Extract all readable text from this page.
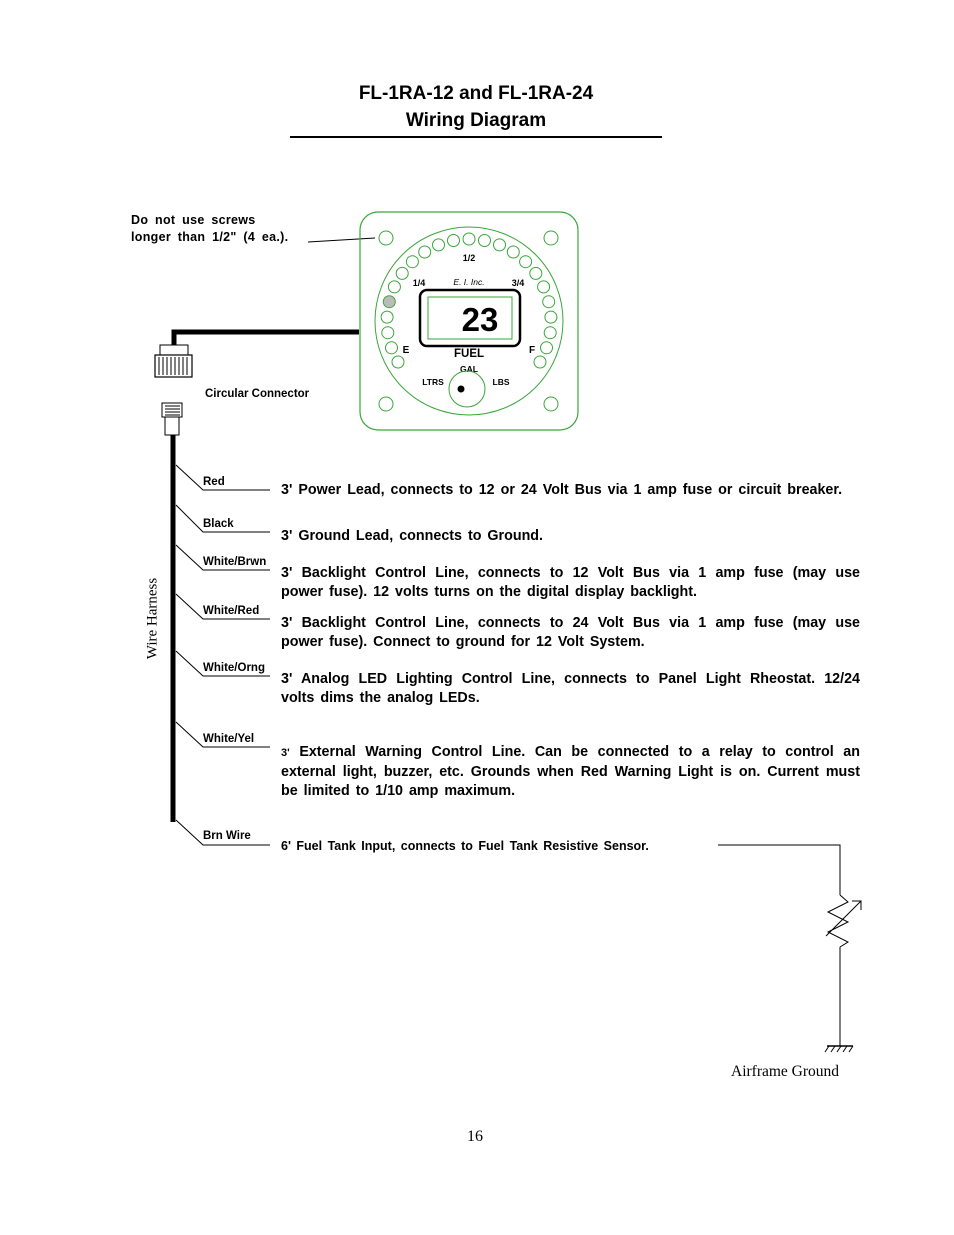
FL-1RA-12 and FL-1RA-24
Wiring Diagram
Do not use screws
longer than 1/2" (4 ea.).
23
1/2
1/4	3/4
E. I. Inc.
E	F
FUEL
GAL
LTRS	LBS
Circular Connector
Wire Harness
Red
Black
White/Brwn
White/Red
White/Orng
White/Yel
Brn Wire
3' Power Lead, connects to 12 or 24 Volt Bus via 1 amp fuse or circuit breaker.
3' Ground Lead, connects to Ground.
3' Backlight Control Line, connects to 12 Volt Bus via 1 amp fuse (may use power fuse). 12 volts turns on the digital display backlight.
3' Backlight Control Line, connects to 24 Volt Bus via 1 amp fuse (may use power fuse). Connect to ground for 12 Volt System.
3' Analog LED Lighting Control Line, connects to Panel Light Rheostat. 12/24 volts dims the analog LEDs.
3' External Warning Control Line. Can be connected to a relay to control an external light, buzzer, etc. Grounds when Red Warning Light is on. Current must be limited to 1/10 amp maximum.
6' Fuel Tank Input, connects to Fuel Tank Resistive Sensor.
Airframe Ground
16
